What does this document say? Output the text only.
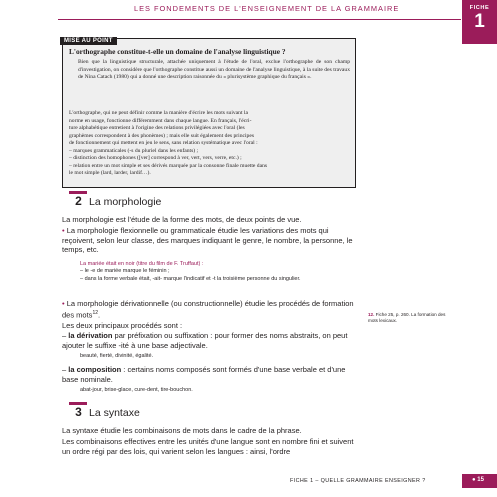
LES FONDEMENTS DE L'ENSEIGNEMENT DE LA GRAMMAIRE	FICHE
1
MISE AU POINT
L'orthographe constitue-t-elle un domaine de l'analyse linguistique ?
Bien que la linguistique structurale, attachée uniquement à l'étude de l'oral, exclue l'orthographe de son champ d'investigation, on considère que l'orthographe constitue aussi un domaine de l'analyse linguistique, à la suite des travaux de Nina Catach (1980) qui a donné une description raisonnée du « plurisystème graphique du français ».
L'orthographe, qui ne peut définir comme la manière d'écrire les mots suivant la
norme en usage, fonctionne différemment dans chaque langue. En français, l'écri-
ture alphabétique entretient à l'origine des relations privilégiées avec l'oral (les
graphèmes correspondent à des phonèmes) ; mais elle suit également des principes
de fonctionnement qui mettent en jeu le sens, sans relation systématique avec l'oral :
– marques grammaticales (-s du pluriel dans les enfants) ;
– distinction des homophones ([ver] correspond à ver, vert, vers, verre, etc.) ;
– relation entre un mot simple et ses dérivés marquée par la consonne finale muette dans
le mot simple (lard, larder, lardif…).
2 La morphologie
La morphologie est l'étude de la forme des mots, de deux points de vue.
• La morphologie flexionnelle ou grammaticale étudie les variations des mots qui reçoivent, selon leur classe, des marques indiquant le genre, le nombre, la personne, le temps, etc.
La mariée était en noir (titre du film de F. Truffaut) :
– le -e de mariée marque le féminin ;
– dans la forme verbale était, -ait- marque l'indicatif et -t la troisième personne du singulier.
• La morphologie dérivationnelle (ou constructionnelle) étudie les procédés de formation des mots$^{12}$.
Les deux principaux procédés sont :
– la dérivation par préfixation ou suffixation : pour former des noms abstraits, on peut ajouter le suffixe -ité à une base adjectivale.
beauté, fierté, divinité, égalité.
– la composition : certains noms composés sont formés d'une base verbale et d'une base nominale.
abat-jour, brise-glace, cure-dent, tire-bouchon.
12. Fiche 25, p. 260. La formation des mots lexicaux.
3 La syntaxe
La syntaxe étudie les combinaisons de mots dans le cadre de la phrase.
Les combinaisons effectives entre les unités d'une langue sont en nombre fini et suivent un ordre régi par des lois, qui varient selon les langues : ainsi, l'ordre
FICHE 1 – QUELLE GRAMMAIRE ENSEIGNER ?	● 15
